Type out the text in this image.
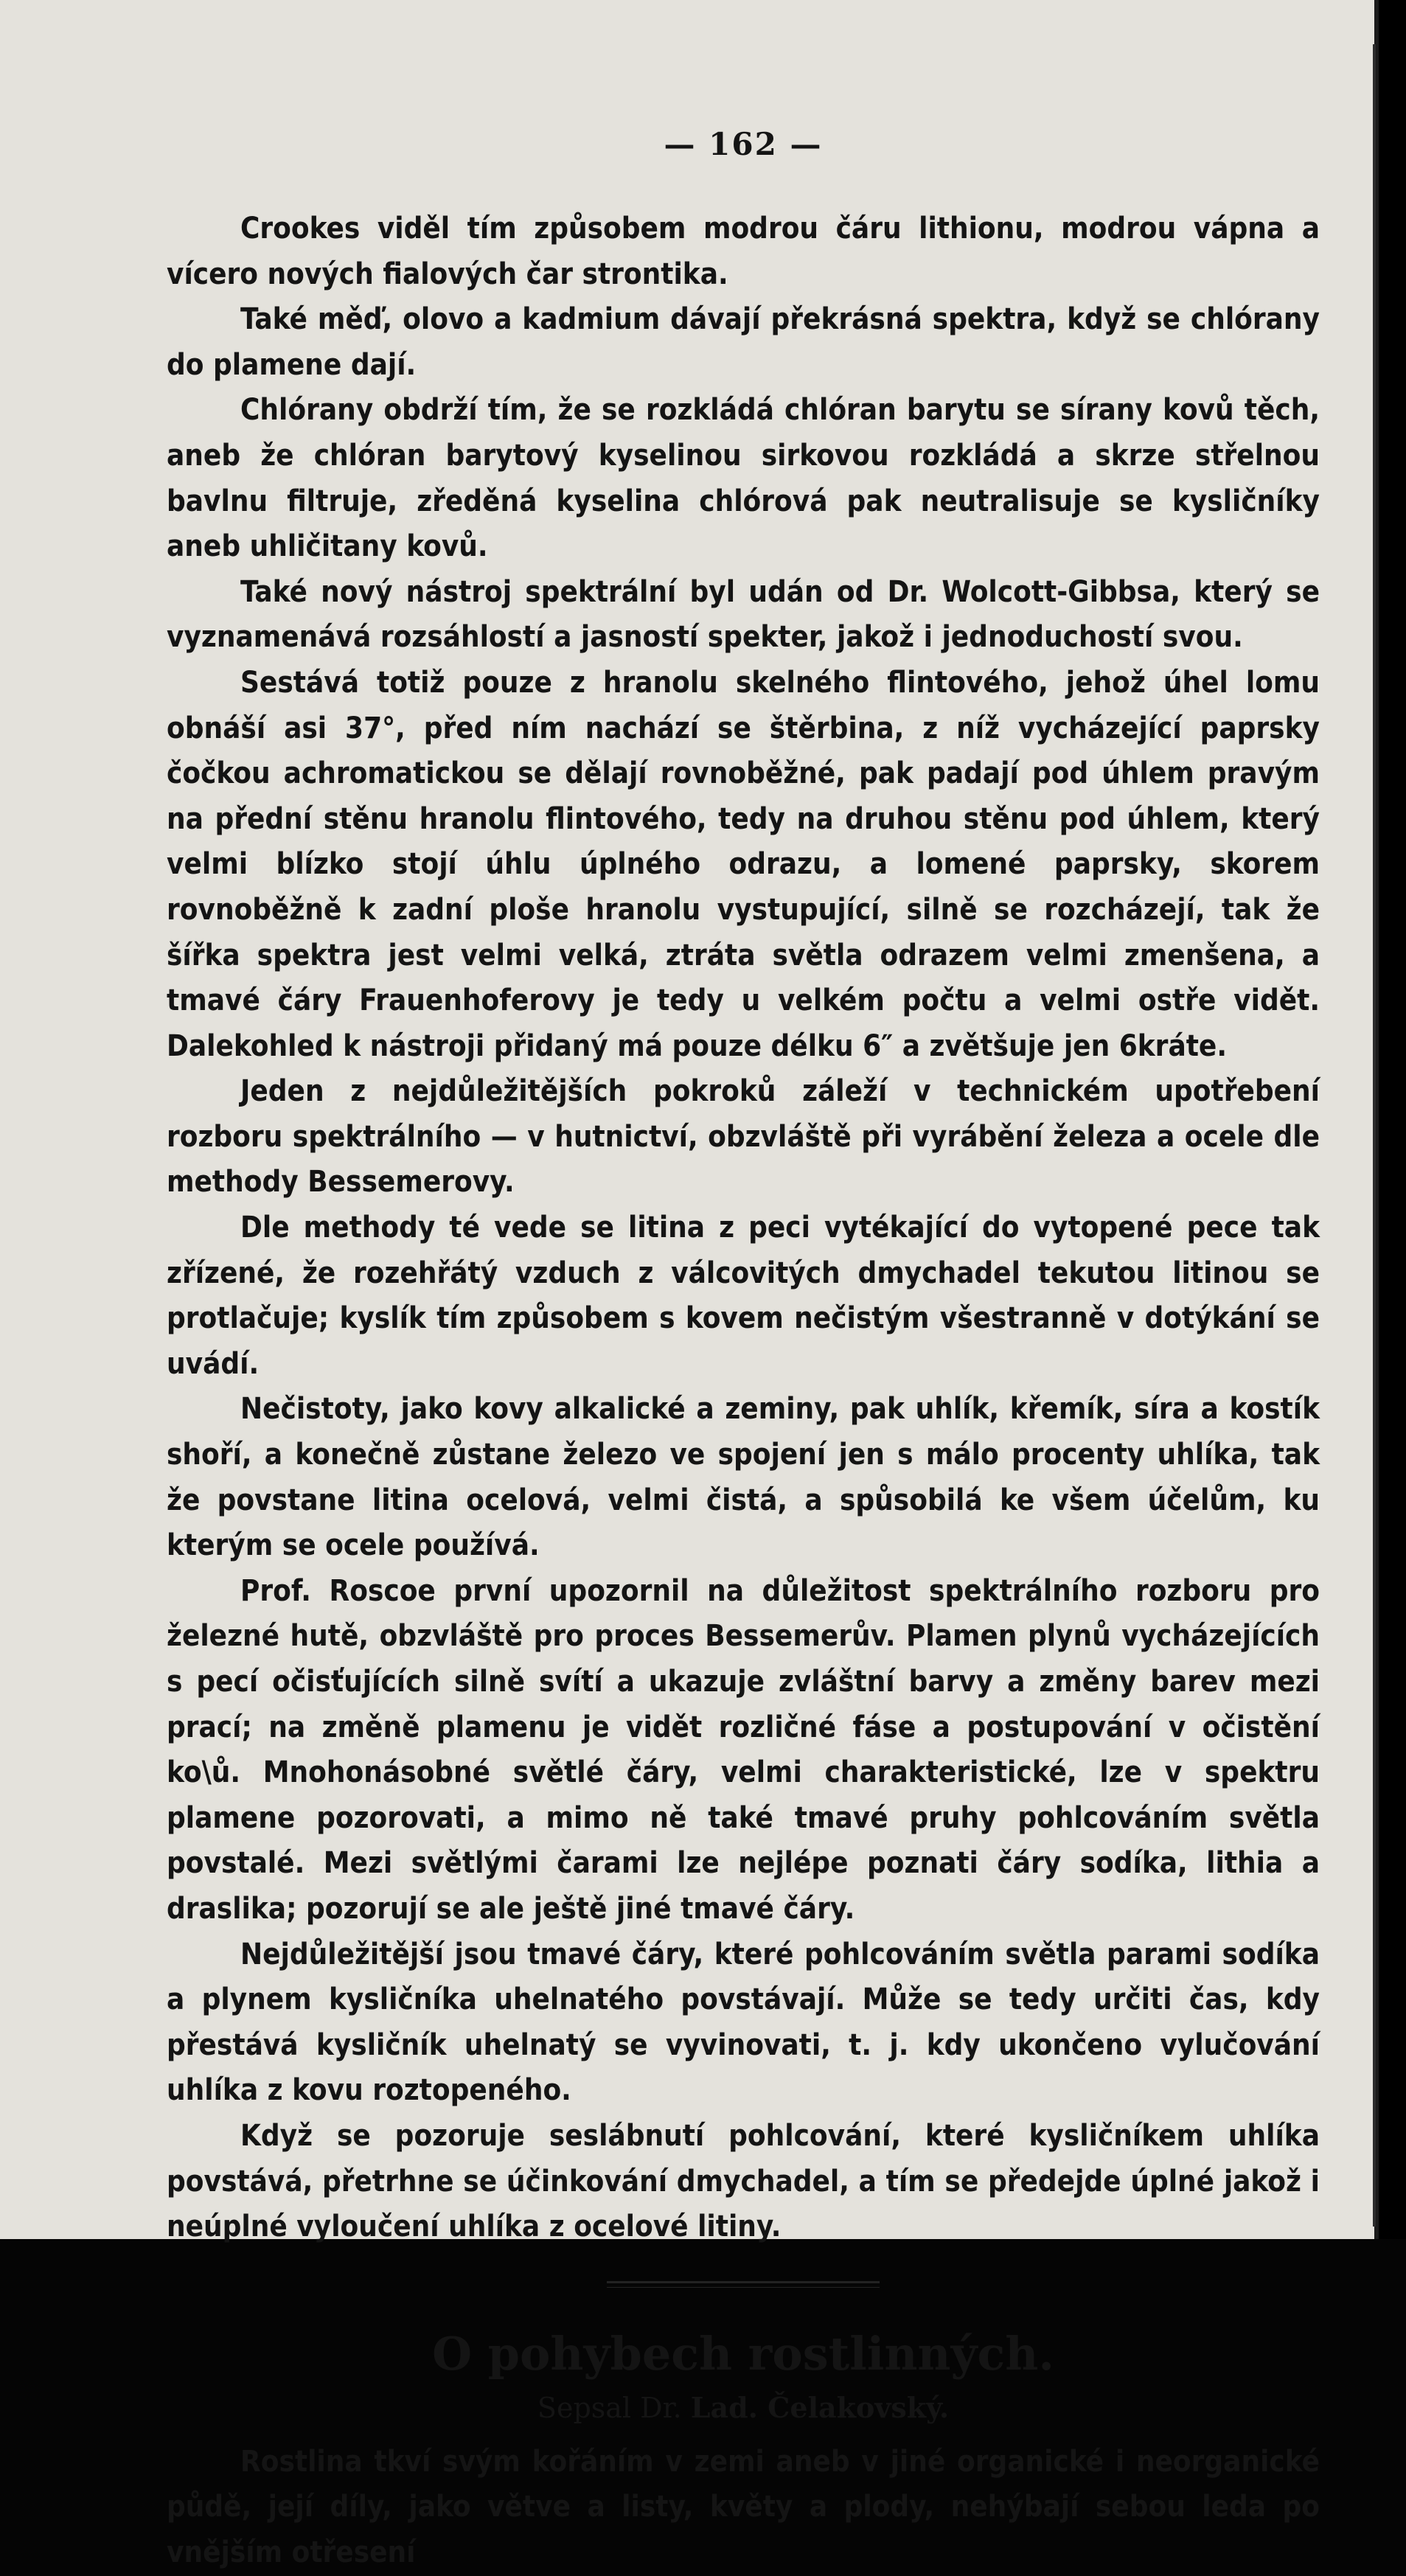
— 162 —

Crookes viděl tím způsobem modrou čáru lithionu, modrou vápna a vícero nových fialových čar strontika.

Také měď, olovo a kadmium dávají překrásná spektra, když se chlórany do plamene dají.

Chlórany obdrží tím, že se rozkládá chlóran barytu se sírany kovů těch, aneb že chlóran barytový kyselinou sirkovou rozkládá a skrze střelnou bavlnu filtruje, zředěná kyselina chlórová pak neutralisuje se kysličníky aneb uhličitany kovů.

Také nový nástroj spektrální byl udán od Dr. Wolcott-Gibbsa, který se vyznamenává rozsáhlostí a jasností spekter, jakož i jednoduchostí svou.

Sestává totiž pouze z hranolu skelného flintového, jehož úhel lomu obnáší asi 37°, před ním nachází se štěrbina, z níž vycházející paprsky čočkou achromatickou se dělají rovnoběžné, pak padají pod úhlem pravým na přední stěnu hranolu flintového, tedy na druhou stěnu pod úhlem, který velmi blízko stojí úhlu úplného odrazu, a lomené paprsky, skorem rovnoběžně k zadní ploše hranolu vystupující, silně se rozcházejí, tak že šířka spektra jest velmi velká, ztráta světla odrazem velmi zmenšena, a tmavé čáry Frauenhoferovy je tedy u velkém počtu a velmi ostře vidět. Dalekohled k nástroji přidaný má pouze délku 6″ a zvětšuje jen 6kráte.

Jeden z nejdůležitějších pokroků záleží v technickém upotřebení rozboru spektrálního — v hutnictví, obzvláště při vyrábění železa a ocele dle methody Bessemerovy.

Dle methody té vede se litina z peci vytékající do vytopené pece tak zřízené, že rozehřátý vzduch z válcovitých dmychadel tekutou litinou se protlačuje; kyslík tím způsobem s kovem nečistým všestranně v dotýkání se uvádí.

Nečistoty, jako kovy alkalické a zeminy, pak uhlík, křemík, síra a kostík shoří, a konečně zůstane železo ve spojení jen s málo procenty uhlíka, tak že povstane litina ocelová, velmi čistá, a spůsobilá ke všem účelům, ku kterým se ocele používá.

Prof. Roscoe první upozornil na důležitost spektrálního rozboru pro železné hutě, obzvláště pro proces Bessemerův. Plamen plynů vycházejících s pecí očisťujících silně svítí a ukazuje zvláštní barvy a změny barev mezi prací; na změně plamenu je vidět rozličné fáse a postupování v očistění ko\ů. Mnohonásobné světlé čáry, velmi charakteristické, lze v spektru plamene pozorovati, a mimo ně také tmavé pruhy pohlcováním světla povstalé. Mezi světlými čarami lze nejlépe poznati čáry sodíka, lithia a draslika; pozorují se ale ještě jiné tmavé čáry.

Nejdůležitější jsou tmavé čáry, které pohlcováním světla parami sodíka a plynem kysličníka uhelnatého povstávají. Může se tedy určiti čas, kdy přestává kysličník uhelnatý se vyvinovati, t. j. kdy ukončeno vylučování uhlíka z kovu roztopeného.

Když se pozoruje seslábnutí pohlcování, které kysličníkem uhlíka povstává, přetrhne se účinkování dmychadel, a tím se předejde úplné jakož i neúplné vyloučení uhlíka z ocelové litiny.

O pohybech rostlinných.
Sepsal Dr. Lad. Čelakovský.

Rostlina tkví svým kořáním v zemi aneb v jiné organické i neorganické půdě, její díly, jako větve a listy, květy a plody, nehýbají sebou leda po vnějším otřesení
